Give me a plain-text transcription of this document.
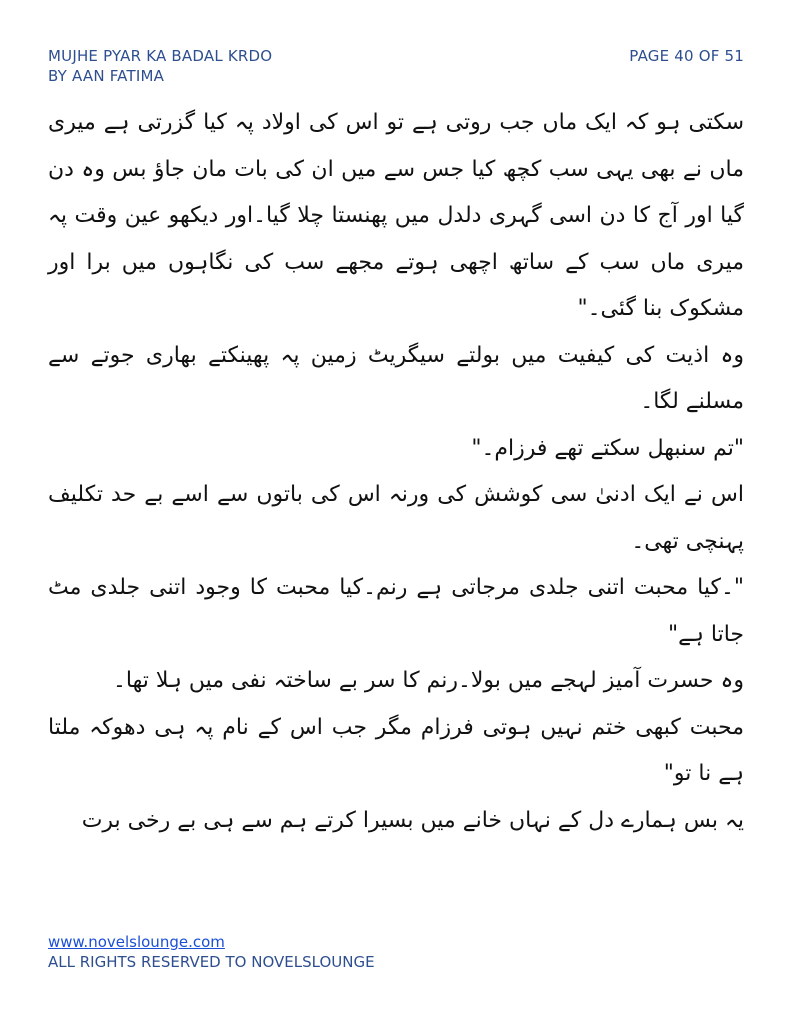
MUJHE PYAR KA BADAL KRDO	PAGE 40 OF 51
BY AAN FATIMA

سکتی ہو کہ ایک ماں جب روتی ہے تو اس کی اولاد پہ کیا گزرتی ہے میری ماں نے بھی یہی سب کچھ کیا جس سے میں ان کی بات مان جاؤ بس وہ دن گیا اور آج کا دن اسی گہری دلدل میں پھنستا چلا گیا۔اور دیکھو عین وقت پہ میری ماں سب کے ساتھ اچھی ہوتے مجھے سب کی نگاہوں میں برا اور مشکوک بنا گئی۔"

وہ اذیت کی کیفیت میں بولتے سیگریٹ زمین پہ پھینکتے بھاری جوتے سے مسلنے لگا۔

"تم سنبھل سکتے تھے فرزام۔"

اس نے ایک ادنیٰ سی کوشش کی ورنہ اس کی باتوں سے اسے بے حد تکلیف پہنچی تھی۔

"۔کیا محبت اتنی جلدی مرجاتی ہے رنم۔کیا محبت کا وجود اتنی جلدی مٹ جاتا ہے"

وہ حسرت آمیز لہجے میں بولا۔رنم کا سر بے ساختہ نفی میں ہلا تھا۔

محبت کبھی ختم نہیں ہوتی فرزام مگر جب اس کے نام پہ ہی دھوکہ ملتا ہے نا تو"

یہ بس ہمارے دل کے نہاں خانے میں بسیرا کرتے ہم سے ہی بے رخی برت

www.novelslounge.com
ALL RIGHTS RESERVED TO NOVELSLOUNGE
